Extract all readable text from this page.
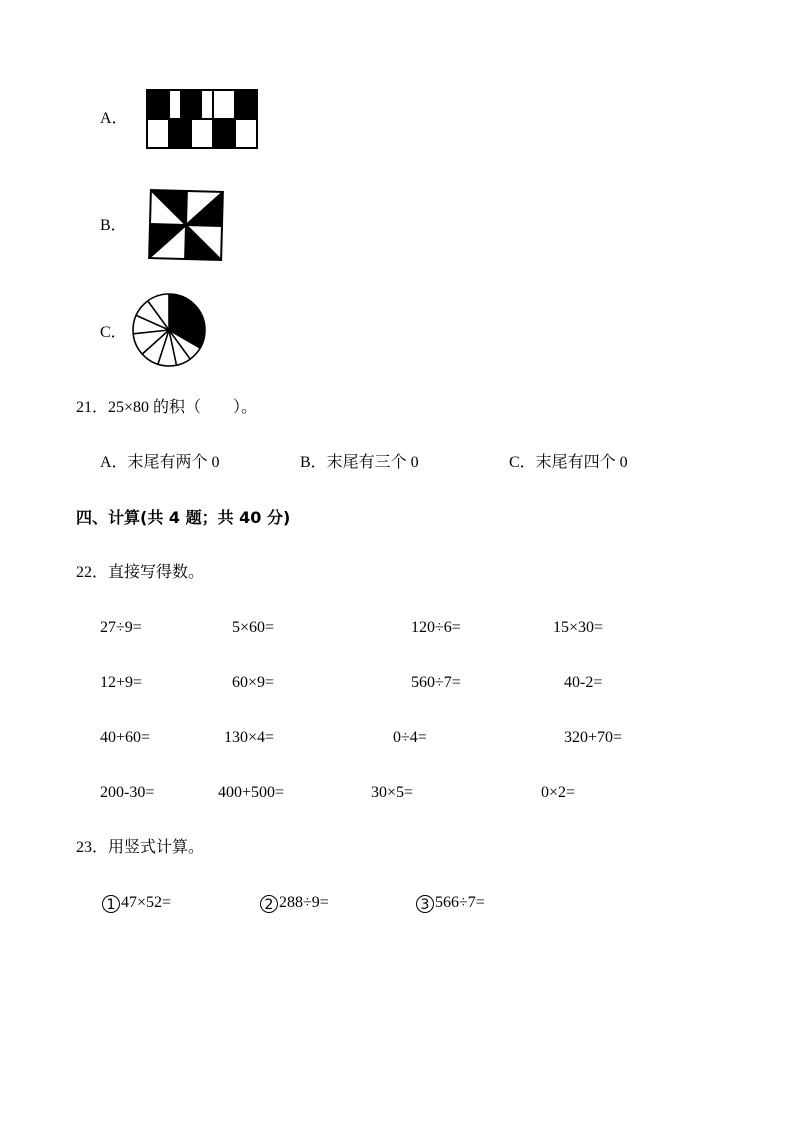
A．
B．
C．
21．25×80 的积（　　）。
A．末尾有两个 0	B．末尾有三个 0	C．末尾有四个 0
四、计算(共 4 题；共 40 分)
22．直接写得数。
27÷9=	5×60=	120÷6=	15×30=
12+9=	60×9=	560÷7=	40-2=
40+60=	130×4=	0÷4=	320+70=
200-30=	400+500=	30×5=	0×2=
23．用竖式计算。
1 47×52=	2 288÷9=	3 566÷7=
